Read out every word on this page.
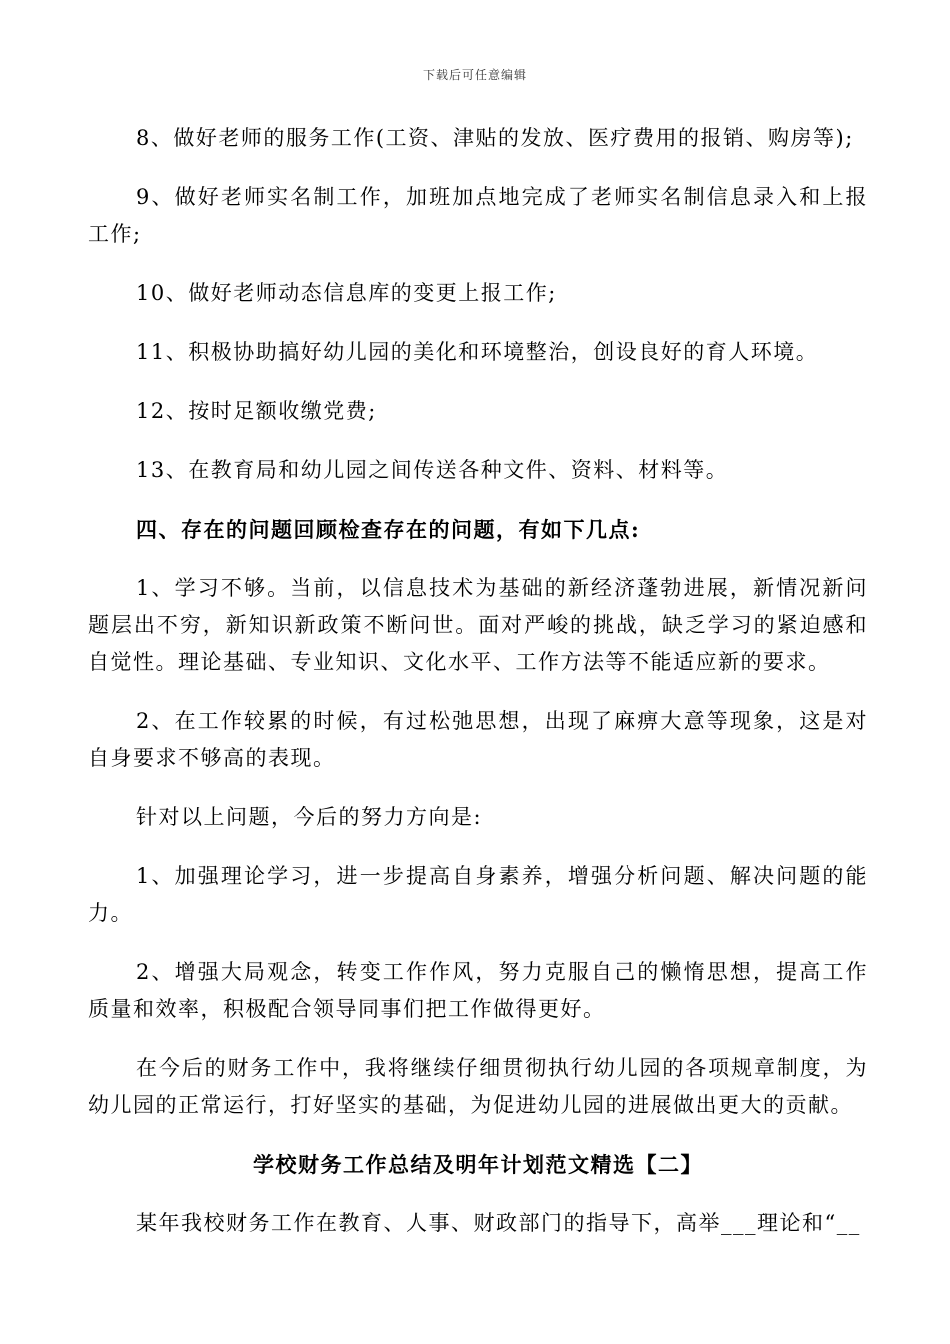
下载后可任意编辑

8、做好老师的服务工作(工资、津贴的发放、医疗费用的报销、购房等);

9、做好老师实名制工作，加班加点地完成了老师实名制信息录入和上报工作;

10、做好老师动态信息库的变更上报工作;

11、积极协助搞好幼儿园的美化和环境整治，创设良好的育人环境。

12、按时足额收缴党费;

13、在教育局和幼儿园之间传送各种文件、资料、材料等。

四、存在的问题回顾检查存在的问题，有如下几点:

1、学习不够。当前，以信息技术为基础的新经济蓬勃进展，新情况新问题层出不穷，新知识新政策不断问世。面对严峻的挑战，缺乏学习的紧迫感和自觉性。理论基础、专业知识、文化水平、工作方法等不能适应新的要求。

2、在工作较累的时候，有过松弛思想，出现了麻痹大意等现象，这是对自身要求不够高的表现。

针对以上问题，今后的努力方向是:

1、加强理论学习，进一步提高自身素养，增强分析问题、解决问题的能力。

2、增强大局观念，转变工作作风，努力克服自己的懒惰思想，提高工作质量和效率，积极配合领导同事们把工作做得更好。

在今后的财务工作中，我将继续仔细贯彻执行幼儿园的各项规章制度，为幼儿园的正常运行，打好坚实的基础，为促进幼儿园的进展做出更大的贡献。

学校财务工作总结及明年计划范文精选【二】

某年我校财务工作在教育、人事、财政部门的指导下，高举___理论和“__
